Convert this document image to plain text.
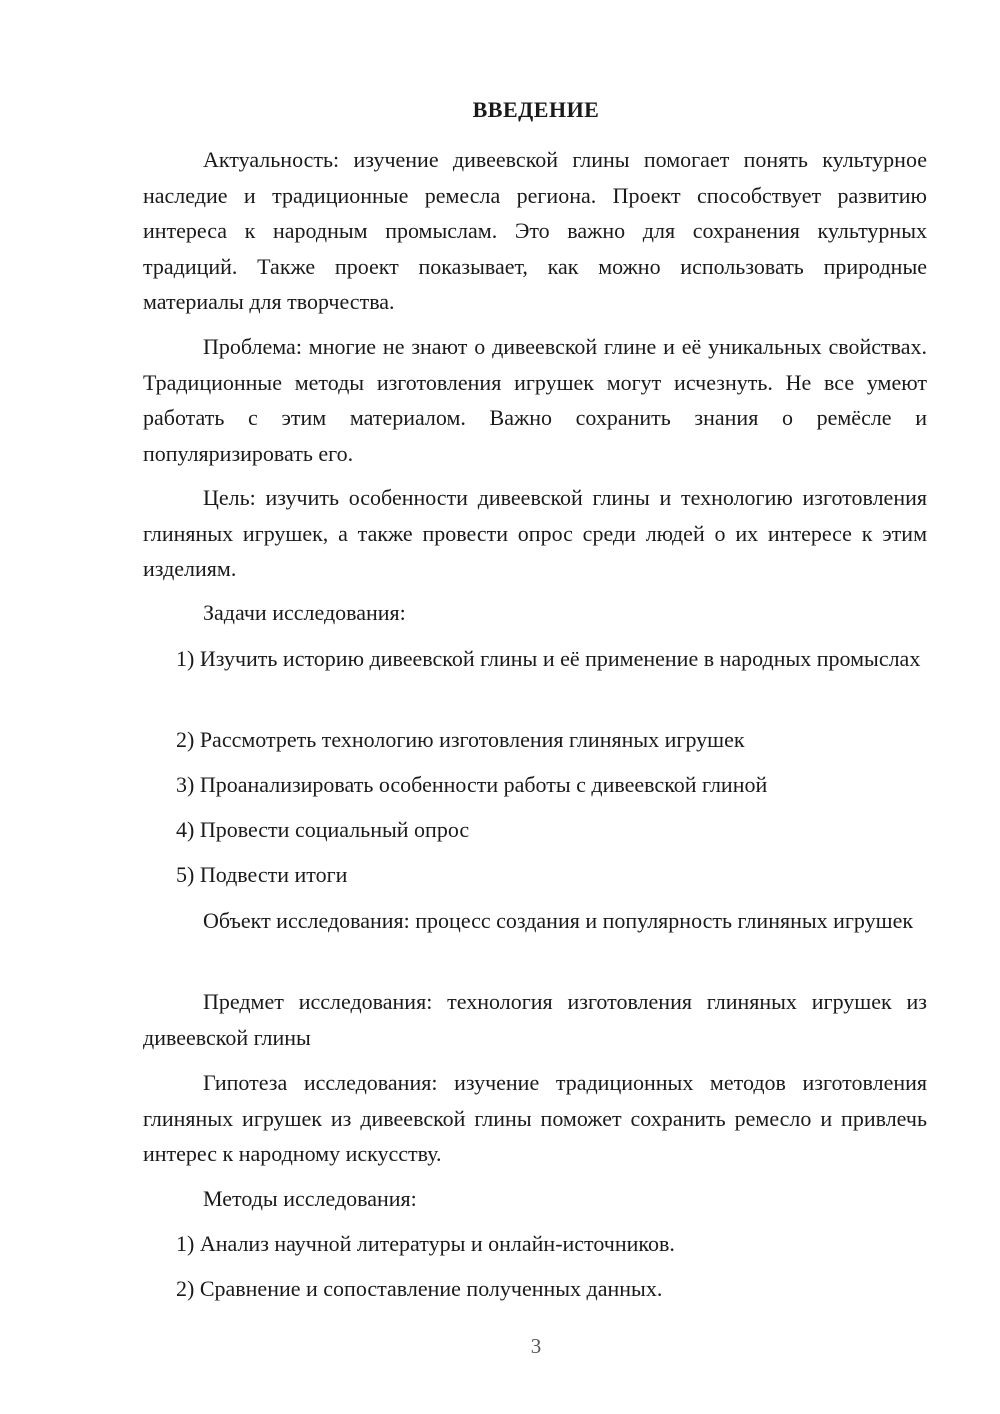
ВВЕДЕНИЕ

Актуальность: изучение дивеевской глины помогает понять культурное наследие и традиционные ремесла региона. Проект способствует развитию интереса к народным промыслам. Это важно для сохранения культурных традиций. Также проект показывает, как можно использовать природные материалы для творчества.

Проблема: многие не знают о дивеевской глине и её уникальных свойствах. Традиционные методы изготовления игрушек могут исчезнуть. Не все умеют работать с этим материалом. Важно сохранить знания о ремёсле и популяризировать его.

Цель: изучить особенности дивеевской глины и технологию изготовления глиняных игрушек, а также провести опрос среди людей о их интересе к этим изделиям.

Задачи исследования:

1) Изучить историю дивеевской глины и её применение в народных промыслах

2) Рассмотреть технологию изготовления глиняных игрушек

3) Проанализировать особенности работы с дивеевской глиной

4) Провести социальный опрос

5) Подвести итоги

Объект исследования: процесс создания и популярность глиняных игрушек

Предмет исследования: технология изготовления глиняных игрушек из дивеевской глины

Гипотеза исследования: изучение традиционных методов изготовления глиняных игрушек из дивеевской глины поможет сохранить ремесло и привлечь интерес к народному искусству.

Методы исследования:

1) Анализ научной литературы и онлайн-источников.

2) Сравнение и сопоставление полученных данных.

3
